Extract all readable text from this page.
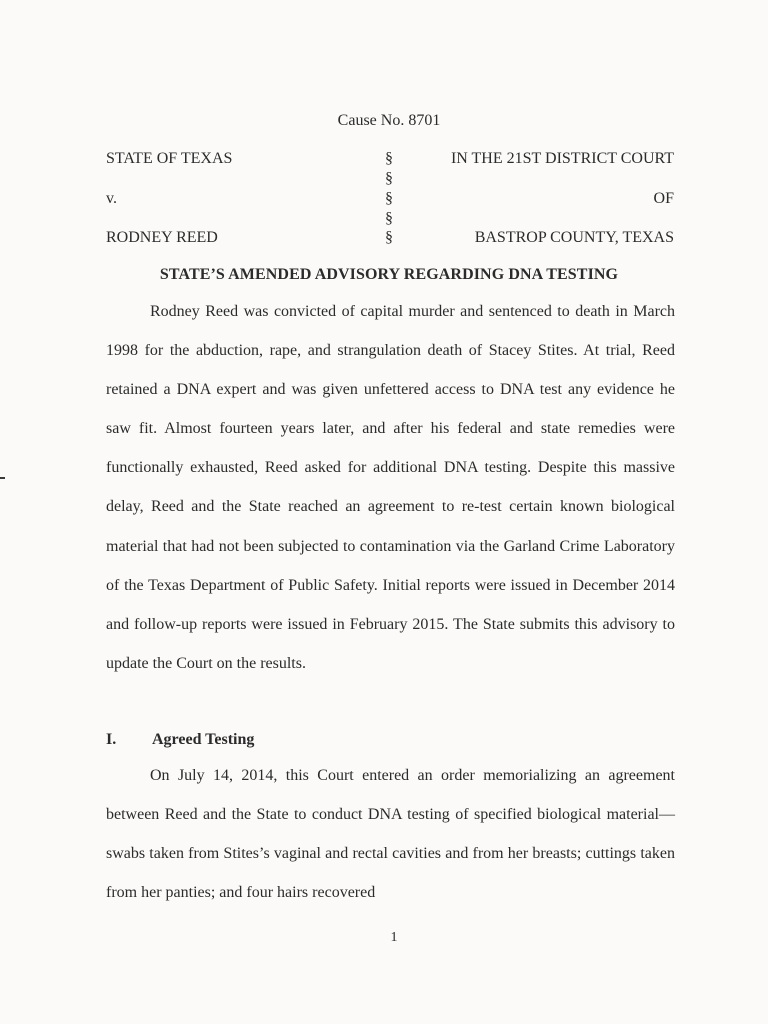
Cause No. 8701
STATE OF TEXAS	§	IN THE 21ST DISTRICT COURT
§
v.	§	OF
§
RODNEY REED	§	BASTROP COUNTY, TEXAS
STATE’S AMENDED ADVISORY REGARDING DNA TESTING

Rodney Reed was convicted of capital murder and sentenced to death in March 1998 for the abduction, rape, and strangulation death of Stacey Stites. At trial, Reed retained a DNA expert and was given unfettered access to DNA test any evidence he saw fit. Almost fourteen years later, and after his federal and state remedies were functionally exhausted, Reed asked for additional DNA testing. Despite this massive delay, Reed and the State reached an agreement to re-test certain known biological material that had not been subjected to contamination via the Garland Crime Laboratory of the Texas Department of Public Safety. Initial reports were issued in December 2014 and follow-up reports were issued in February 2015. The State submits this advisory to update the Court on the results.

I. Agreed Testing

On July 14, 2014, this Court entered an order memorializing an agreement between Reed and the State to conduct DNA testing of specified biological material—swabs taken from Stites’s vaginal and rectal cavities and from her breasts; cuttings taken from her panties; and four hairs recovered

1
